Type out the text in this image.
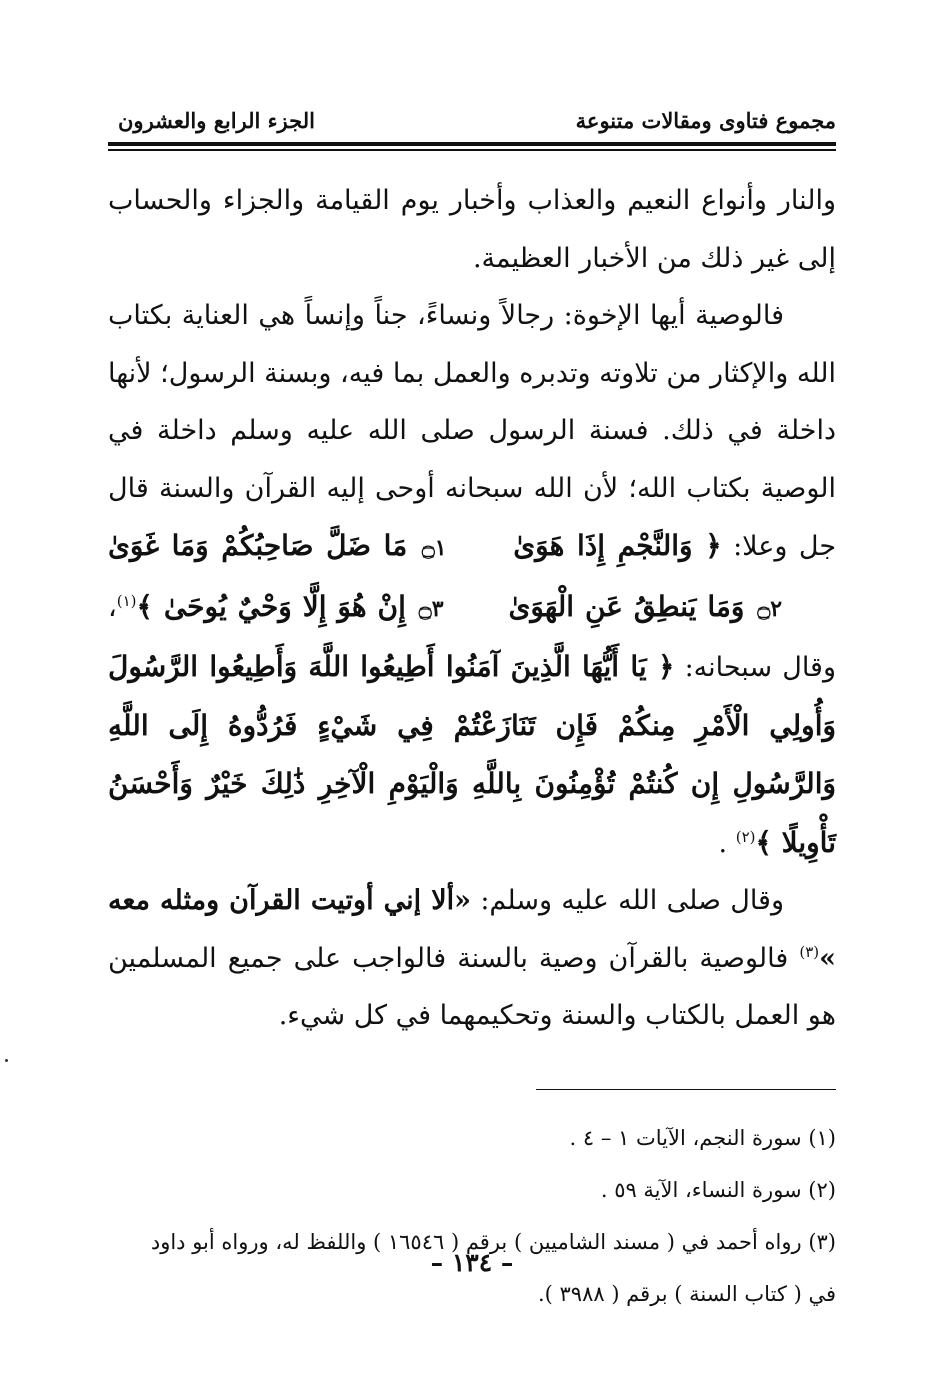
مجموع فتاوى ومقالات متنوعة
الجزء الرابع والعشرون

والنار وأنواع النعيم والعذاب وأخبار يوم القيامة والجزاء والحساب إلى غير ذلك من الأخبار العظيمة.

فالوصية أيها الإخوة: رجالاً ونساءً، جناً وإنساً هي العناية بكتاب الله والإكثار من تلاوته وتدبره والعمل بما فيه، وبسنة الرسول؛ لأنها داخلة في ذلك. فسنة الرسول صلى الله عليه وسلم داخلة في الوصية بكتاب الله؛ لأن الله سبحانه أوحى إليه القرآن والسنة قال جل وعلا: ﴿ وَالنَّجْمِ إِذَا هَوَىٰ ۝١ مَا ضَلَّ صَاحِبُكُمْ وَمَا غَوَىٰ ۝٢ وَمَا يَنطِقُ عَنِ الْهَوَىٰ ۝٣ إِنْ هُوَ إِلَّا وَحْيٌ يُوحَىٰ ﴾$^{(١)}$، وقال سبحانه: ﴿ يَا أَيُّهَا الَّذِينَ آمَنُوا أَطِيعُوا اللَّهَ وَأَطِيعُوا الرَّسُولَ وَأُولِي الْأَمْرِ مِنكُمْ فَإِن تَنَازَعْتُمْ فِي شَيْءٍ فَرُدُّوهُ إِلَى اللَّهِ وَالرَّسُولِ إِن كُنتُمْ تُؤْمِنُونَ بِاللَّهِ وَالْيَوْمِ الْآخِرِ ذَٰلِكَ خَيْرٌ وَأَحْسَنُ تَأْوِيلًا ﴾$^{(٢)}$ .

وقال صلى الله عليه وسلم: «ألا إني أوتيت القرآن ومثله معه »$^{(٣)}$ فالوصية بالقرآن وصية بالسنة فالواجب على جميع المسلمين هو العمل بالكتاب والسنة وتحكيمهما في كل شيء.

(١) سورة النجم، الآيات ١ – ٤ .

(٢) سورة النساء، الآية ٥٩ .

(٣) رواه أحمد في ( مسند الشاميين ) برقم ( ١٦٥٤٦ ) واللفظ له، ورواه أبو داود

في ( كتاب السنة ) برقم ( ٣٩٨٨ ).

– ١٣٤ –
